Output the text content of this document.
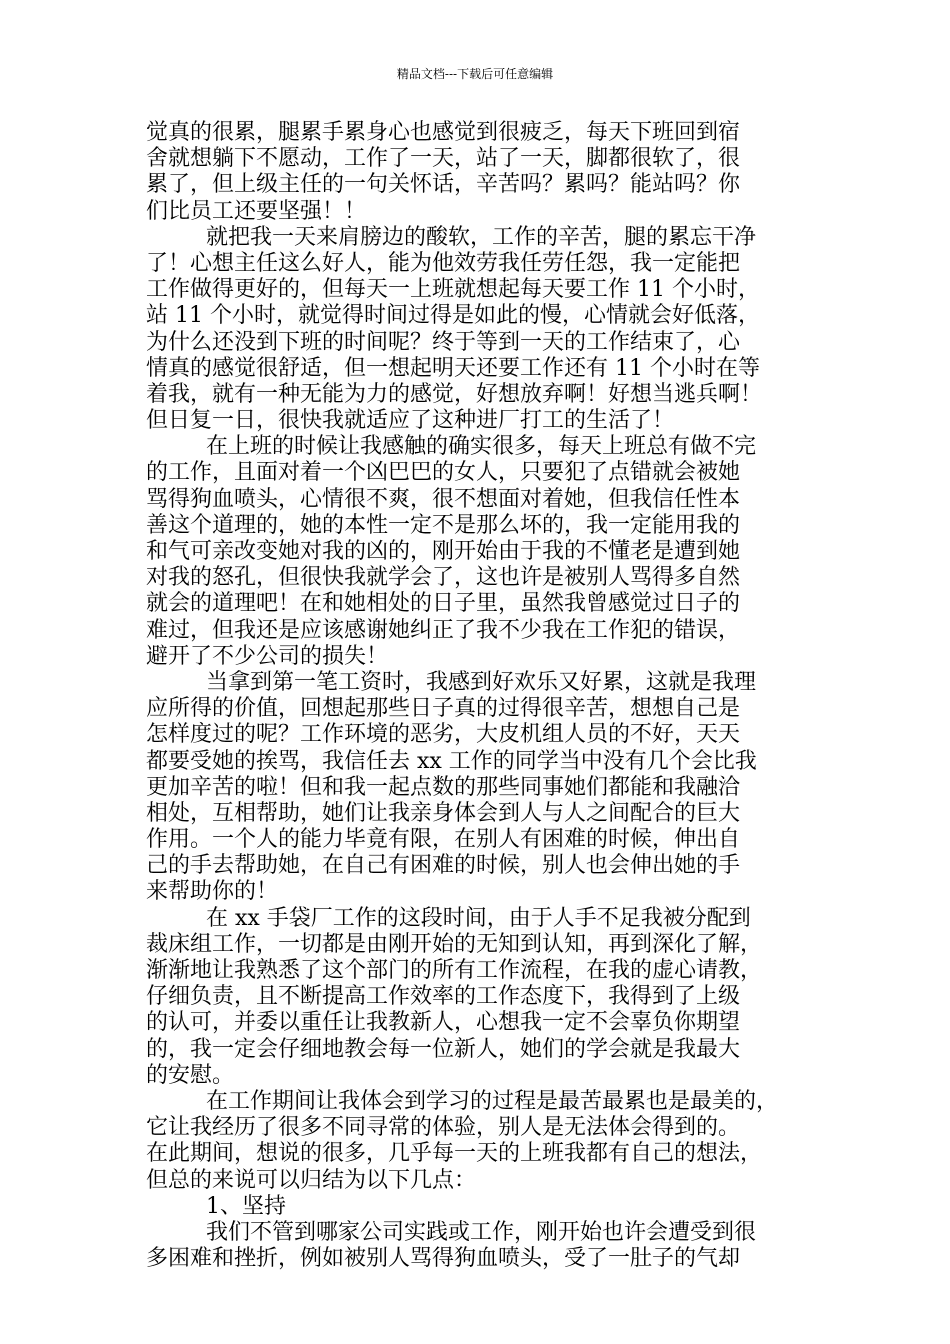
精品文档---下载后可任意编辑
觉真的很累，腿累手累身心也感觉到很疲乏，每天下班回到宿
舍就想躺下不愿动，工作了一天，站了一天，脚都很软了，很
累了，但上级主任的一句关怀话，辛苦吗？累吗？能站吗？你
们比员工还要坚强！！
就把我一天来肩膀边的酸软，工作的辛苦，腿的累忘干净
了！心想主任这么好人，能为他效劳我任劳任怨，我一定能把
工作做得更好的，但每天一上班就想起每天要工作 11 个小时，
站 11 个小时，就觉得时间过得是如此的慢，心情就会好低落，
为什么还没到下班的时间呢？终于等到一天的工作结束了，心
情真的感觉很舒适，但一想起明天还要工作还有 11 个小时在等
着我，就有一种无能为力的感觉，好想放弃啊！好想当逃兵啊！
但日复一日，很快我就适应了这种进厂打工的生活了！
在上班的时候让我感触的确实很多，每天上班总有做不完
的工作，且面对着一个凶巴巴的女人，只要犯了点错就会被她
骂得狗血喷头，心情很不爽，很不想面对着她，但我信任性本
善这个道理的，她的本性一定不是那么坏的，我一定能用我的
和气可亲改变她对我的凶的，刚开始由于我的不懂老是遭到她
对我的怒孔，但很快我就学会了，这也许是被别人骂得多自然
就会的道理吧！在和她相处的日子里，虽然我曾感觉过日子的
难过，但我还是应该感谢她纠正了我不少我在工作犯的错误，
避开了不少公司的损失！
当拿到第一笔工资时，我感到好欢乐又好累，这就是我理
应所得的价值，回想起那些日子真的过得很辛苦，想想自己是
怎样度过的呢？工作环境的恶劣，大皮机组人员的不好，天天
都要受她的挨骂，我信任去 xx 工作的同学当中没有几个会比我
更加辛苦的啦！但和我一起点数的那些同事她们都能和我融洽
相处，互相帮助，她们让我亲身体会到人与人之间配合的巨大
作用。一个人的能力毕竟有限，在别人有困难的时候，伸出自
己的手去帮助她，在自己有困难的时候，别人也会伸出她的手
来帮助你的！
在 xx 手袋厂工作的这段时间，由于人手不足我被分配到
裁床组工作，一切都是由刚开始的无知到认知，再到深化了解，
渐渐地让我熟悉了这个部门的所有工作流程，在我的虚心请教，
仔细负责，且不断提高工作效率的工作态度下，我得到了上级
的认可，并委以重任让我教新人，心想我一定不会辜负你期望
的，我一定会仔细地教会每一位新人，她们的学会就是我最大
的安慰。
在工作期间让我体会到学习的过程是最苦最累也是最美的，
它让我经历了很多不同寻常的体验，别人是无法体会得到的。
在此期间，想说的很多，几乎每一天的上班我都有自己的想法，
但总的来说可以归结为以下几点：
1、坚持
我们不管到哪家公司实践或工作，刚开始也许会遭受到很
多困难和挫折，例如被别人骂得狗血喷头，受了一肚子的气却
